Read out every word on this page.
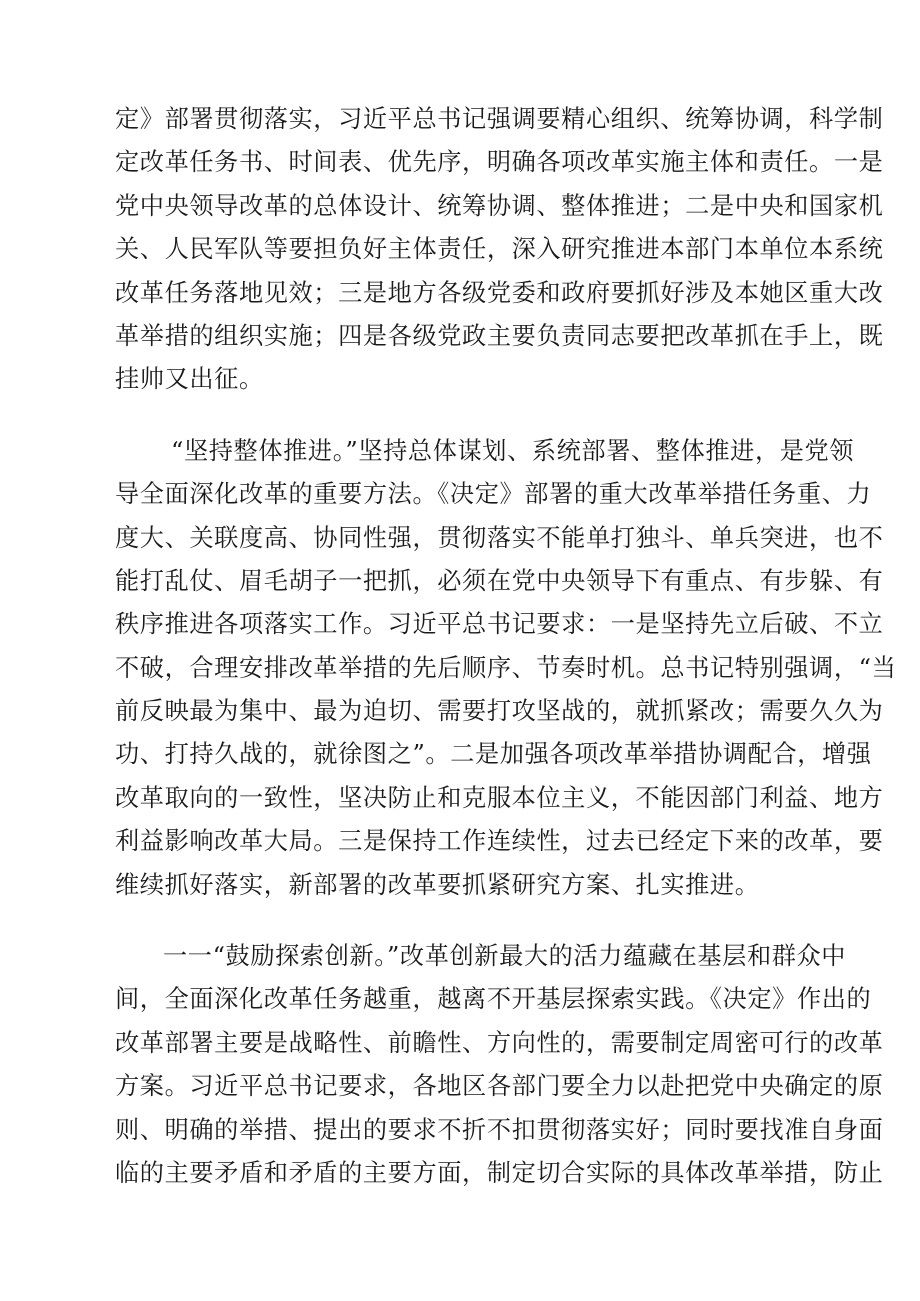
定》部署贯彻落实，习近平总书记强调要精心组织、统筹协调，科学制
定改革任务书、时间表、优先序，明确各项改革实施主体和责任。一是
党中央领导改革的总体设计、统筹协调、整体推进；二是中央和国家机
关、人民军队等要担负好主体责任，深入研究推进本部门本单位本系统
改革任务落地见效；三是地方各级党委和政府要抓好涉及本她区重大改
革举措的组织实施；四是各级党政主要负责同志要把改革抓在手上，既
挂帅又出征。
“坚持整体推进。”坚持总体谋划、系统部署、整体推进，是党领
导全面深化改革的重要方法。《决定》部署的重大改革举措任务重、力
度大、关联度高、协同性强，贯彻落实不能单打独斗、单兵突进，也不
能打乱仗、眉毛胡子一把抓，必须在党中央领导下有重点、有步躲、有
秩序推进各项落实工作。习近平总书记要求：一是坚持先立后破、不立
不破，合理安排改革举措的先后顺序、节奏时机。总书记特别强调，“当
前反映最为集中、最为迫切、需要打攻坚战的，就抓紧改；需要久久为
功、打持久战的，就徐图之”。二是加强各项改革举措协调配合，增强
改革取向的一致性，坚决防止和克服本位主义，不能因部门利益、地方
利益影响改革大局。三是保持工作连续性，过去已经定下来的改革，要
维续抓好落实，新部署的改革要抓紧研究方案、扎实推进。
一一“鼓励探索创新。”改革创新最大的活力蕴藏在基层和群众中
间，全面深化改革任务越重，越离不开基层探索实践。《决定》作出的
改革部署主要是战略性、前瞻性、方向性的，需要制定周密可行的改革
方案。习近平总书记要求，各地区各部门要全力以赴把党中央确定的原
则、明确的举措、提出的要求不折不扣贯彻落实好；同时要找准自身面
临的主要矛盾和矛盾的主要方面，制定切合实际的具体改革举措，防止
